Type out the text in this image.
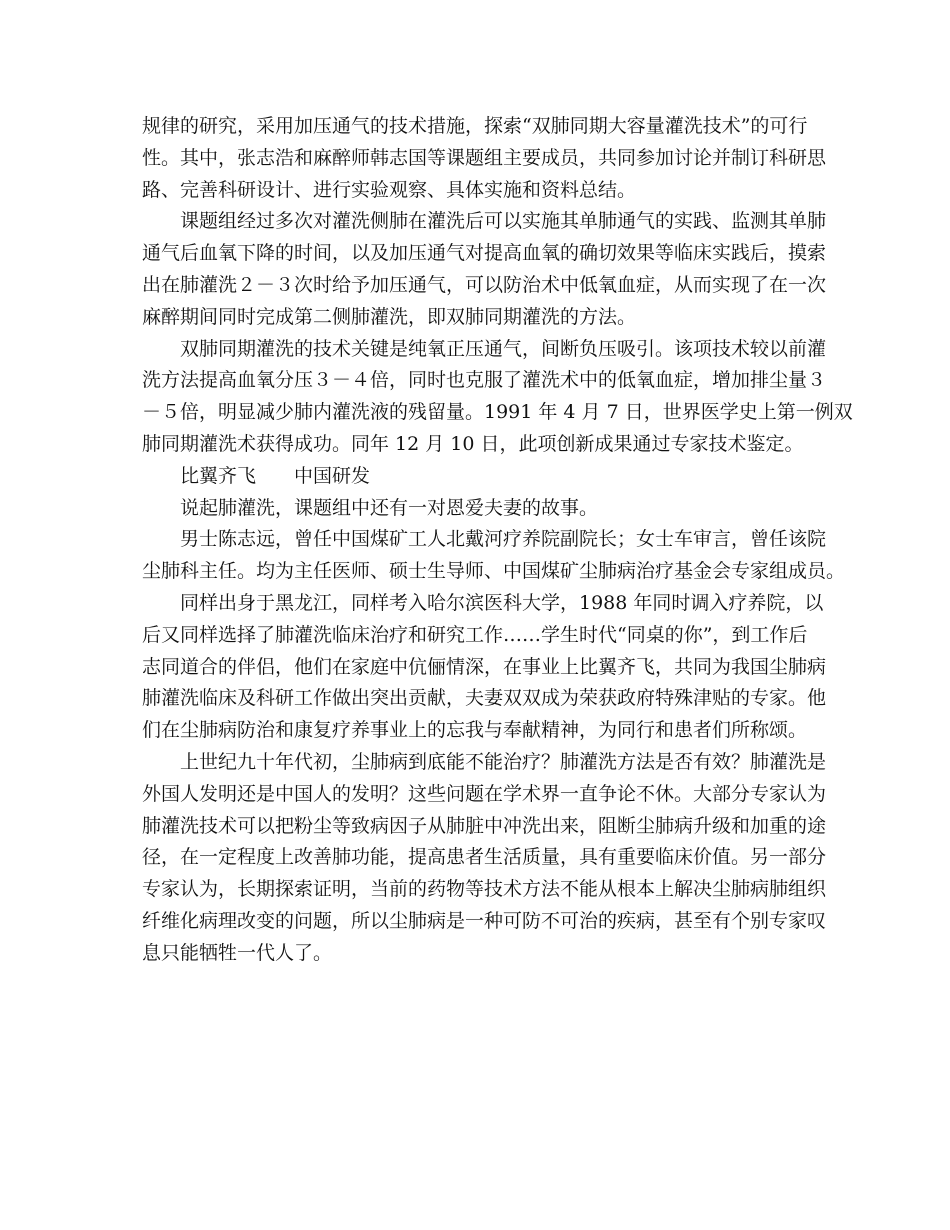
规律的研究，采用加压通气的技术措施，探索“双肺同期大容量灌洗技术”的可行
性。其中，张志浩和麻醉师韩志国等课题组主要成员，共同参加讨论并制订科研思
路、完善科研设计、进行实验观察、具体实施和资料总结。
课题组经过多次对灌洗侧肺在灌洗后可以实施其单肺通气的实践、监测其单肺
通气后血氧下降的时间，以及加压通气对提高血氧的确切效果等临床实践后，摸索
出在肺灌洗２－３次时给予加压通气，可以防治术中低氧血症，从而实现了在一次
麻醉期间同时完成第二侧肺灌洗，即双肺同期灌洗的方法。
双肺同期灌洗的技术关键是纯氧正压通气，间断负压吸引。该项技术较以前灌
洗方法提高血氧分压３－４倍，同时也克服了灌洗术中的低氧血症，增加排尘量３
－５倍，明显减少肺内灌洗液的残留量。1991 年 4 月 7 日，世界医学史上第一例双
肺同期灌洗术获得成功。同年 12 月 10 日，此项创新成果通过专家技术鉴定。
比翼齐飞　　中国研发
说起肺灌洗，课题组中还有一对恩爱夫妻的故事。
男士陈志远，曾任中国煤矿工人北戴河疗养院副院长；女士车审言，曾任该院
尘肺科主任。均为主任医师、硕士生导师、中国煤矿尘肺病治疗基金会专家组成员。
同样出身于黑龙江，同样考入哈尔滨医科大学，1988 年同时调入疗养院，以
后又同样选择了肺灌洗临床治疗和研究工作……学生时代“同桌的你”，到工作后
志同道合的伴侣，他们在家庭中伉俪情深，在事业上比翼齐飞，共同为我国尘肺病
肺灌洗临床及科研工作做出突出贡献，夫妻双双成为荣获政府特殊津贴的专家。他
们在尘肺病防治和康复疗养事业上的忘我与奉献精神，为同行和患者们所称颂。
上世纪九十年代初，尘肺病到底能不能治疗？肺灌洗方法是否有效？肺灌洗是
外国人发明还是中国人的发明？这些问题在学术界一直争论不休。大部分专家认为
肺灌洗技术可以把粉尘等致病因子从肺脏中冲洗出来，阻断尘肺病升级和加重的途
径，在一定程度上改善肺功能，提高患者生活质量，具有重要临床价值。另一部分
专家认为，长期探索证明，当前的药物等技术方法不能从根本上解决尘肺病肺组织
纤维化病理改变的问题，所以尘肺病是一种可防不可治的疾病，甚至有个别专家叹
息只能牺牲一代人了。
